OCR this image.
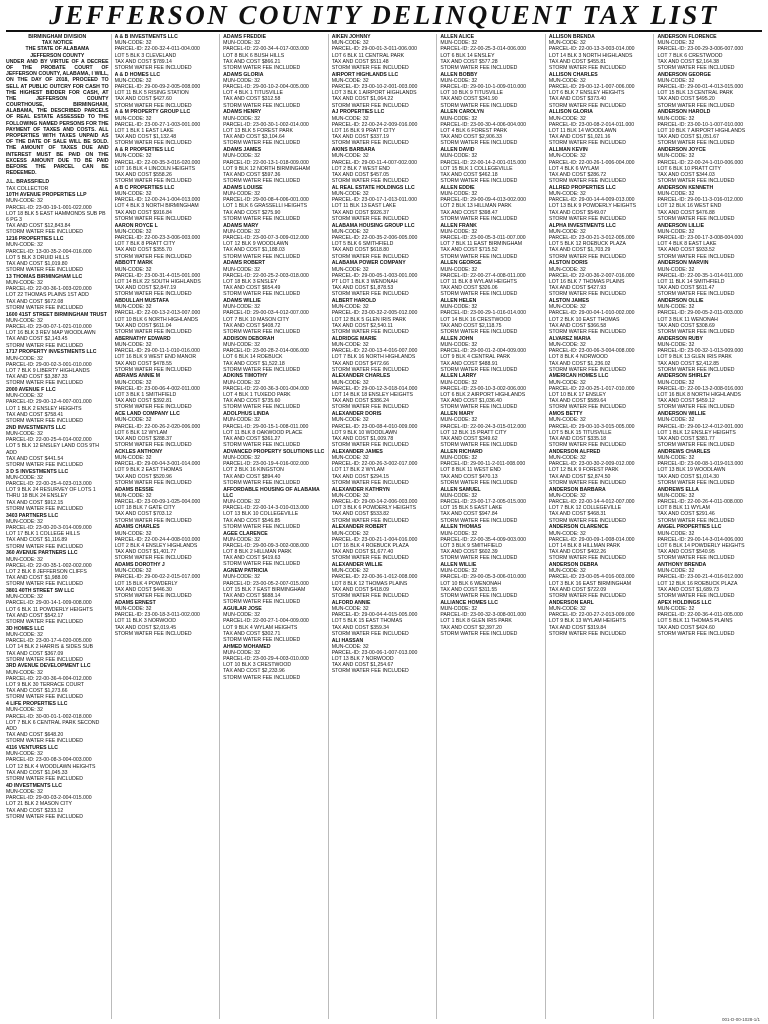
JEFFERSON COUNTY DELINQUENT TAX LIST
BIRMINGHAM DIVISION
TAX NOTICE
THE STATE OF ALABAMA
JEFFERSON COUNTY
UNDER AND BY VIRTUE OF A DECREE OF THE PROBATE COURT OF JEFFERSON COUNTY, ALABAMA, I WILL, ON THE DAY OF 2018, PROCEED TO SELL AT PUBLIC OUTCRY FOR CASH TO THE HIGHEST BIDDER FOR CASH, AT THE JEFFERSON COUNTY COURTHOUSE, BIRMINGHAM, ALABAMA, THE DESCRIBED PARCELS OF REAL ESTATE ASSESSED TO THE FOLLOWING NAMED PERSONS FOR THE PAYMENT OF TAXES AND COSTS. ALL PROPERTIES WITH TAXES UNPAID AS OF THE DATE OF SALE WILL BE SOLD. THE AMOUNT OF TAXES DUE AND INTEREST MUST BE PAID ON THE EXCESS AMOUNT DUE TO BE PAID BEFORE THE PARCEL CAN BE REDEEMED.
J.L. BRASSFIELD
TAX COLLECTOR
10TH AVENUE PROPERTIES LLP
MUN-CODE: 32
PARCEL-ID: 23-00-19-1-001-022.000
LOT 18 BLK 5 EAST HAMMONDS SUB PB 6 PG 3
TAX AND COST $12,843.84
STORM WATER FEE INCLUDED
1216 PROPERTIES LLC
MUN-CODE: 32
PARCEL-ID: 13-00-35-2-004-016.000
LOT 5 BLK 3 DRUID HILLS
TAX AND COST $1,019.80
STORM WATER FEE INCLUDED
13 THOMAS BIRMINGHAM LLC
MUN-CODE: 32
PARCEL-ID: 22-00-36-1-003-020.000
LOT 22 THOMAS PLAINS 1ST ADD
TAX AND COST $672.08
STORM WATER FEE INCLUDED
1600 41ST STREET BIRMINGHAM TRUST
MUN-CODE: 32
PARCEL-ID: 23-00-07-1-021-010.000
LOT 16 BLK 3 REV MAP WOODLAWN
TAX AND COST $2,143.45
STORM WATER FEE INCLUDED
1717 PROPERTY INVESTMENTS LLC
MUN-CODE: 32
PARCEL-ID: 29-00-02-3-001-010.000
LOT 7 BLK 9 LIBERTY HIGHLANDS
TAX AND COST $3,387.33
STORM WATER FEE INCLUDED
2000 AVENUE F LLC
MUN-CODE: 32
PARCEL-ID: 29-00-12-4-007-001.000
LOT 1 BLK 2 ENSLEY HEIGHTS
TAX AND COST $758.41
STORM WATER FEE INCLUDED
2ND INVESTMENTS LLC
MUN-CODE: 32
PARCEL-ID: 22-00-25-4-014-002.000
LOT 5 BLK 12 ENSLEY LAND COS 9TH ADD
TAX AND COST $441.54
STORM WATER FEE INCLUDED
3 D S INVESTMENTS LLC
MUN-CODE: 32
PARCEL-ID: 22-00-25-4-023-013.000
LOT 9 BLK 24 RESURVEY OF LOTS 1 THRU 18 BLK 24 ENSLEY
TAX AND COST $912.15
STORM WATER FEE INCLUDED
3403 PARTNERS LLC
MUN-CODE: 32
PARCEL-ID: 23-00-20-3-014-009.000
LOT 17 BLK 1 COLLEGE HILLS
TAX AND COST $1,116.89
STORM WATER FEE INCLUDED
360 AVENUE PARTNERS LLC
MUN-CODE: 32
PARCEL-ID: 22-00-35-1-002-002.000
LOT 2 BLK 8 JEFFERSON CLIFFS
TAX AND COST $1,988.00
STORM WATER FEE INCLUDED
3801 40TH STREET SW LLC
MUN-CODE: 32
PARCEL-ID: 29-00-14-1-009-008.000
LOT 6 BLK 11 POWDERLY HEIGHTS
TAX AND COST $542.17
STORM WATER FEE INCLUDED
3D HOMES LLC
MUN-CODE: 32
PARCEL-ID: 23-00-17-4-020-005.000
LOT 14 BLK 2 HARRIS & SIDES SUB
TAX AND COST $367.09
STORM WATER FEE INCLUDED
3RD AVENUE DEVELOPMENT LLC
MUN-CODE: 32
PARCEL-ID: 22-00-36-4-004-012.000
LOT 9 BLK 30 TERRACE COURT
TAX AND COST $1,273.66
STORM WATER FEE INCLUDED
4 LIFE PROPERTIES LLC
MUN-CODE: 32
PARCEL-ID: 30-00-01-1-002-018.000
LOT 7 BLK 6 CENTRAL PARK SECOND ADD
TAX AND COST $648.20
STORM WATER FEE INCLUDED
4116 VENTURES LLC
MUN-CODE: 32
PARCEL-ID: 23-00-08-3-004-003.000
LOT 12 BLK 4 WOODLAWN HEIGHTS
TAX AND COST $1,045.33
STORM WATER FEE INCLUDED
4D INVESTMENTS LLC
MUN-CODE: 32
PARCEL-ID: 29-00-03-2-004-015.000
LOT 21 BLK 2 MASON CITY
TAX AND COST $233.12
STORM WATER FEE INCLUDED
A & B INVESTMENTS LLC
MUN-CODE: 32
PARCEL-ID: 22-00-32-4-011-004.000
LOT 5 BLK 3 CLEVELAND
TAX AND COST $789.14
STORM WATER FEE INCLUDED
A & D HOMES LLC
MUN-CODE: 32
PARCEL-ID: 29-00-09-2-005-008.000
LOT 11 BLK 5 RISING STATION
TAX AND COST $427.60
STORM WATER FEE INCLUDED
A & M PROPERTY GROUP LLC
MUN-CODE: 32
PARCEL-ID: 23-00-27-1-003-001.000
LOT 1 BLK 1 EAST LAKE
TAX AND COST $1,132.48
STORM WATER FEE INCLUDED
A & R PROPERTIES LLC
MUN-CODE: 32
PARCEL-ID: 22-00-35-3-016-020.000
LOT 16 BLK 4 LINCOLN HEIGHTS
TAX AND COST $558.26
STORM WATER FEE INCLUDED
A B C PROPERTIES LLC
MUN-CODE: 32
PARCEL-ID: 12-00-24-1-004-013.000
LOT 4 BLK 3 NORTH BIRMINGHAM
TAX AND COST $916.84
STORM WATER FEE INCLUDED
AARON ROYCE L
MUN-CODE: 32
PARCEL-ID: 22-00-23-3-006-003.000
LOT 7 BLK 8 PRATT CITY
TAX AND COST $355.70
STORM WATER FEE INCLUDED
ABBOTT MARK
MUN-CODE: 32
PARCEL-ID: 23-00-31-4-015-001.000
LOT 14 BLK 22 SOUTH HIGHLANDS
TAX AND COST $2,847.19
STORM WATER FEE INCLUDED
ABDULLAH MUSTAFA
MUN-CODE: 32
PARCEL-ID: 22-00-13-2-013-007.000
LOT 10 BLK 6 NORTH HIGHLANDS
TAX AND COST $611.04
STORM WATER FEE INCLUDED
ABERNATHY EDWARD
MUN-CODE: 32
PARCEL-ID: 29-00-11-1-010-016.000
LOT 16 BLK 9 WEST END MANOR
TAX AND COST $478.55
STORM WATER FEE INCLUDED
ABRAMS ANNIE M
MUN-CODE: 32
PARCEL-ID: 23-00-06-4-002-011.000
LOT 3 BLK 1 SMITHFIELD
TAX AND COST $392.81
STORM WATER FEE INCLUDED
ACE LAND COMPANY LLC
MUN-CODE: 32
PARCEL-ID: 22-00-26-2-020-006.000
LOT 6 BLK 12 WYLAM
TAX AND COST $288.37
STORM WATER FEE INCLUDED
ACKLES ANTHONY
MUN-CODE: 32
PARCEL-ID: 29-00-04-3-001-014.000
LOT 9 BLK 2 EAST THOMAS
TAX AND COST $520.96
STORM WATER FEE INCLUDED
ADAMS BESSIE
MUN-CODE: 32
PARCEL-ID: 23-00-09-1-025-004.000
LOT 18 BLK 7 GATE CITY
TAX AND COST $703.12
STORM WATER FEE INCLUDED
ADAMS CHARLES
MUN-CODE: 32
PARCEL-ID: 22-00-24-4-008-010.000
LOT 2 BLK 4 ENSLEY HIGHLANDS
TAX AND COST $1,401.77
STORM WATER FEE INCLUDED
ADAMS DOROTHY J
MUN-CODE: 32
PARCEL-ID: 29-00-02-2-015-017.000
LOT 15 BLK 4 POWDERLY
TAX AND COST $446.30
STORM WATER FEE INCLUDED
ADAMS ERNEST
MUN-CODE: 32
PARCEL-ID: 23-00-18-3-011-002.000
LOT 11 BLK 3 NORWOOD
TAX AND COST $2,019.45
STORM WATER FEE INCLUDED
ADAMS FREDDIE
MUN-CODE: 32
PARCEL-ID: 22-00-34-4-017-003.000
LOT 8 BLK 6 BUSH HILLS
TAX AND COST $866.21
STORM WATER FEE INCLUDED
ADAMS GLORIA
MUN-CODE: 32
PARCEL-ID: 29-00-10-2-004-005.000
LOT 4 BLK 1 TITUSVILLE
TAX AND COST $312.58
STORM WATER FEE INCLUDED
ADAMS HENRY
MUN-CODE: 32
PARCEL-ID: 23-00-30-1-002-014.000
LOT 13 BLK 5 FOREST PARK
TAX AND COST $3,104.64
STORM WATER FEE INCLUDED
ADAMS JAMES
MUN-CODE: 32
PARCEL-ID: 22-00-13-1-018-009.000
LOT 9 BLK 12 NORTH BIRMINGHAM
TAX AND COST $597.36
STORM WATER FEE INCLUDED
ADAMS LOUISE
MUN-CODE: 32
PARCEL-ID: 29-00-08-4-006-001.000
LOT 1 BLK 6 GRASSELLI HEIGHTS
TAX AND COST $275.90
STORM WATER FEE INCLUDED
ADAMS MARY
MUN-CODE: 32
PARCEL-ID: 23-00-07-3-009-012.000
LOT 12 BLK 9 WOODLAWN
TAX AND COST $1,188.03
STORM WATER FEE INCLUDED
ADAMS ROBERT
MUN-CODE: 32
PARCEL-ID: 22-00-25-2-003-018.000
LOT 18 BLK 3 ENSLEY
TAX AND COST $654.49
STORM WATER FEE INCLUDED
ADAMS WILLIE
MUN-CODE: 32
PARCEL-ID: 29-00-03-4-012-007.000
LOT 7 BLK 10 MASON CITY
TAX AND COST $408.72
STORM WATER FEE INCLUDED
ADDISON DEBORAH
MUN-CODE: 32
PARCEL-ID: 23-00-28-2-014-006.000
LOT 6 BLK 14 ROEBUCK
TAX AND COST $1,522.18
STORM WATER FEE INCLUDED
ADKINS TIMOTHY
MUN-CODE: 32
PARCEL-ID: 22-00-36-3-001-004.000
LOT 4 BLK 1 TUXEDO PARK
TAX AND COST $735.60
STORM WATER FEE INCLUDED
ADOLPHUS LINDA
MUN-CODE: 32
PARCEL-ID: 29-00-15-1-008-011.000
LOT 11 BLK 8 OAKWOOD PLACE
TAX AND COST $361.27
STORM WATER FEE INCLUDED
ADVANCED PROPERTY SOLUTIONS LLC
MUN-CODE: 32
PARCEL-ID: 23-00-19-4-016-002.000
LOT 2 BLK 16 KINGSTON
TAX AND COST $894.40
STORM WATER FEE INCLUDED
AFFORDABLE HOUSING OF ALABAMA LLC
MUN-CODE: 32
PARCEL-ID: 22-00-14-3-010-013.000
LOT 13 BLK 10 COLLEGEVILLE
TAX AND COST $546.85
STORM WATER FEE INCLUDED
AGEE CLARENCE
MUN-CODE: 32
PARCEL-ID: 29-00-09-3-002-008.000
LOT 8 BLK 2 HILLMAN PARK
TAX AND COST $419.63
STORM WATER FEE INCLUDED
AGNEW PATRICIA
MUN-CODE: 32
PARCEL-ID: 23-00-05-2-007-015.000
LOT 15 BLK 7 EAST BIRMINGHAM
TAX AND COST $688.14
STORM WATER FEE INCLUDED
AGUILAR JOSE
MUN-CODE: 32
PARCEL-ID: 22-00-27-1-004-009.000
LOT 9 BLK 4 WYLAM HEIGHTS
TAX AND COST $302.71
STORM WATER FEE INCLUDED
AHMED MOHAMED
MUN-CODE: 32
PARCEL-ID: 23-00-29-4-003-010.000
LOT 10 BLK 3 CRESTWOOD
TAX AND COST $2,233.96
STORM WATER FEE INCLUDED
AIKEN JOHNNY
MUN-CODE: 32
PARCEL-ID: 29-00-01-3-011-006.000
LOT 6 BLK 11 CENTRAL PARK
TAX AND COST $511.48
STORM WATER FEE INCLUDED
AIRPORT HIGHLANDS LLC
MUN-CODE: 32
PARCEL-ID: 23-00-10-2-001-003.000
LOT 3 BLK 1 AIRPORT HIGHLANDS
TAX AND COST $1,064.22
STORM WATER FEE INCLUDED
AJ PROPERTIES LLC
MUN-CODE: 32
PARCEL-ID: 22-00-24-2-009-016.000
LOT 16 BLK 9 PRATT CITY
TAX AND COST $337.19
STORM WATER FEE INCLUDED
AKINS BARBARA
MUN-CODE: 32
PARCEL-ID: 29-00-11-4-007-002.000
LOT 2 BLK 7 WEST END
TAX AND COST $457.05
STORM WATER FEE INCLUDED
AL REAL ESTATE HOLDINGS LLC
MUN-CODE: 32
PARCEL-ID: 23-00-17-1-013-011.000
LOT 11 BLK 13 EAST LAKE
TAX AND COST $926.37
STORM WATER FEE INCLUDED
ALABAMA HOUSING GROUP LLC
MUN-CODE: 32
PARCEL-ID: 22-00-35-2-006-005.000
LOT 5 BLK 6 SMITHFIELD
TAX AND COST $618.80
STORM WATER FEE INCLUDED
ALABAMA POWER COMPANY
MUN-CODE: 32
PARCEL-ID: 29-00-05-1-003-001.000
PT LOT 1 BLK 3 WENONAH
TAX AND COST $1,878.53
STORM WATER FEE INCLUDED
ALBERT HAROLD
MUN-CODE: 32
PARCEL-ID: 23-00-32-2-005-012.000
LOT 12 BLK 5 GLEN IRIS PARK
TAX AND COST $2,540.11
STORM WATER FEE INCLUDED
ALDRIDGE MARIE
MUN-CODE: 32
PARCEL-ID: 22-00-13-4-016-007.000
LOT 7 BLK 16 NORTH HIGHLANDS
TAX AND COST $472.66
STORM WATER FEE INCLUDED
ALEXANDER CHARLES
MUN-CODE: 32
PARCEL-ID: 29-00-12-3-018-014.000
LOT 14 BLK 18 ENSLEY HEIGHTS
TAX AND COST $386.24
STORM WATER FEE INCLUDED
ALEXANDER DORIS
MUN-CODE: 32
PARCEL-ID: 23-00-08-4-010-009.000
LOT 9 BLK 10 WOODLAWN
TAX AND COST $1,009.78
STORM WATER FEE INCLUDED
ALEXANDER JAMES
MUN-CODE: 32
PARCEL-ID: 22-00-26-3-002-017.000
LOT 17 BLK 2 WYLAM
TAX AND COST $294.15
STORM WATER FEE INCLUDED
ALEXANDER KATHRYN
MUN-CODE: 32
PARCEL-ID: 29-00-14-2-006-003.000
LOT 3 BLK 6 POWDERLY HEIGHTS
TAX AND COST $533.82
STORM WATER FEE INCLUDED
ALEXANDER ROBERT
MUN-CODE: 32
PARCEL-ID: 23-00-21-1-004-016.000
LOT 16 BLK 4 ROEBUCK PLAZA
TAX AND COST $1,677.40
STORM WATER FEE INCLUDED
ALEXANDER WILLIE
MUN-CODE: 32
PARCEL-ID: 22-00-36-1-012-008.000
LOT 8 BLK 12 THOMAS PLAINS
TAX AND COST $418.09
STORM WATER FEE INCLUDED
ALFORD ANNIE
MUN-CODE: 32
PARCEL-ID: 29-00-04-4-015-005.000
LOT 5 BLK 15 EAST THOMAS
TAX AND COST $359.34
STORM WATER FEE INCLUDED
ALI HASSAN
MUN-CODE: 32
PARCEL-ID: 23-00-06-1-007-013.000
LOT 13 BLK 7 NORWOOD
TAX AND COST $1,254.67
STORM WATER FEE INCLUDED
ALLEN ALICE
MUN-CODE: 32
PARCEL-ID: 22-00-25-3-014-006.000
LOT 6 BLK 14 ENSLEY
TAX AND COST $577.28
STORM WATER FEE INCLUDED
ALLEN BOBBY
MUN-CODE: 32
PARCEL-ID: 29-00-10-1-009-010.000
LOT 10 BLK 9 TITUSVILLE
TAX AND COST $341.90
STORM WATER FEE INCLUDED
ALLEN CAROLYN
MUN-CODE: 32
PARCEL-ID: 23-00-30-4-006-004.000
LOT 4 BLK 6 FOREST PARK
TAX AND COST $2,906.33
STORM WATER FEE INCLUDED
ALLEN DAVID
MUN-CODE: 32
PARCEL-ID: 22-00-14-2-001-015.000
LOT 15 BLK 1 COLLEGEVILLE
TAX AND COST $462.18
STORM WATER FEE INCLUDED
ALLEN EDDIE
MUN-CODE: 32
PARCEL-ID: 29-00-09-4-013-002.000
LOT 2 BLK 13 HILLMAN PARK
TAX AND COST $398.47
STORM WATER FEE INCLUDED
ALLEN FRANK
MUN-CODE: 32
PARCEL-ID: 23-00-05-3-011-007.000
LOT 7 BLK 11 EAST BIRMINGHAM
TAX AND COST $715.52
STORM WATER FEE INCLUDED
ALLEN GEORGE
MUN-CODE: 32
PARCEL-ID: 22-00-27-4-008-011.000
LOT 11 BLK 8 WYLAM HEIGHTS
TAX AND COST $326.06
STORM WATER FEE INCLUDED
ALLEN HELEN
MUN-CODE: 32
PARCEL-ID: 23-00-29-1-016-014.000
LOT 14 BLK 16 CRESTWOOD
TAX AND COST $2,118.75
STORM WATER FEE INCLUDED
ALLEN JOHN
MUN-CODE: 32
PARCEL-ID: 29-00-01-2-004-009.000
LOT 9 BLK 4 CENTRAL PARK
TAX AND COST $488.91
STORM WATER FEE INCLUDED
ALLEN LARRY
MUN-CODE: 32
PARCEL-ID: 23-00-10-3-002-006.000
LOT 6 BLK 2 AIRPORT HIGHLANDS
TAX AND COST $1,036.40
STORM WATER FEE INCLUDED
ALLEN MARY
MUN-CODE: 32
PARCEL-ID: 22-00-24-3-015-012.000
LOT 12 BLK 15 PRATT CITY
TAX AND COST $349.62
STORM WATER FEE INCLUDED
ALLEN RICHARD
MUN-CODE: 32
PARCEL-ID: 29-00-11-2-011-008.000
LOT 8 BLK 11 WEST END
TAX AND COST $470.13
STORM WATER FEE INCLUDED
ALLEN SAMUEL
MUN-CODE: 32
PARCEL-ID: 23-00-17-2-005-015.000
LOT 15 BLK 5 EAST LAKE
TAX AND COST $947.84
STORM WATER FEE INCLUDED
ALLEN THOMAS
MUN-CODE: 32
PARCEL-ID: 22-00-35-4-009-003.000
LOT 3 BLK 9 SMITHFIELD
TAX AND COST $602.39
STORM WATER FEE INCLUDED
ALLEN WILLIE
MUN-CODE: 32
PARCEL-ID: 29-00-05-3-006-010.000
LOT 10 BLK 6 WENONAH
TAX AND COST $311.55
STORM WATER FEE INCLUDED
ALLIANCE HOMES LLC
MUN-CODE: 32
PARCEL-ID: 23-00-32-3-008-001.000
LOT 1 BLK 8 GLEN IRIS PARK
TAX AND COST $2,397.20
STORM WATER FEE INCLUDED
ALLISON BRENDA
MUN-CODE: 32
PARCEL-ID: 22-00-13-3-003-014.000
LOT 14 BLK 3 NORTH HIGHLANDS
TAX AND COST $455.81
STORM WATER FEE INCLUDED
ALLISON CHARLES
MUN-CODE: 32
PARCEL-ID: 29-00-12-1-007-006.000
LOT 6 BLK 7 ENSLEY HEIGHTS
TAX AND COST $373.40
STORM WATER FEE INCLUDED
ALLISON GLORIA
MUN-CODE: 32
PARCEL-ID: 23-00-08-2-014-011.000
LOT 11 BLK 14 WOODLAWN
TAX AND COST $1,021.16
STORM WATER FEE INCLUDED
ALLMAN KEVIN
MUN-CODE: 32
PARCEL-ID: 22-00-26-1-006-004.000
LOT 4 BLK 6 WYLAM
TAX AND COST $286.72
STORM WATER FEE INCLUDED
ALLRED PROPERTIES LLC
MUN-CODE: 32
PARCEL-ID: 29-00-14-4-009-013.000
LOT 13 BLK 9 POWDERLY HEIGHTS
TAX AND COST $549.07
STORM WATER FEE INCLUDED
ALPHA INVESTMENTS LLC
MUN-CODE: 32
PARCEL-ID: 23-00-21-3-012-005.000
LOT 5 BLK 12 ROEBUCK PLAZA
TAX AND COST $1,703.29
STORM WATER FEE INCLUDED
ALSTON DORIS
MUN-CODE: 32
PARCEL-ID: 22-00-36-2-007-016.000
LOT 16 BLK 7 THOMAS PLAINS
TAX AND COST $427.93
STORM WATER FEE INCLUDED
ALSTON JAMES
MUN-CODE: 32
PARCEL-ID: 29-00-04-1-010-002.000
LOT 2 BLK 10 EAST THOMAS
TAX AND COST $366.58
STORM WATER FEE INCLUDED
ALVAREZ MARIA
MUN-CODE: 32
PARCEL-ID: 23-00-06-3-004-008.000
LOT 8 BLK 4 NORWOOD
TAX AND COST $1,236.02
STORM WATER FEE INCLUDED
AMERICAN HOMES LLC
MUN-CODE: 32
PARCEL-ID: 22-00-25-1-017-010.000
LOT 10 BLK 17 ENSLEY
TAX AND COST $589.64
STORM WATER FEE INCLUDED
AMOS BETTY
MUN-CODE: 32
PARCEL-ID: 29-00-10-3-015-005.000
LOT 5 BLK 15 TITUSVILLE
TAX AND COST $335.18
STORM WATER FEE INCLUDED
ANDERSON ALFRED
MUN-CODE: 32
PARCEL-ID: 23-00-30-2-009-012.000
LOT 12 BLK 9 FOREST PARK
TAX AND COST $2,874.50
STORM WATER FEE INCLUDED
ANDERSON BARBARA
MUN-CODE: 32
PARCEL-ID: 22-00-14-4-012-007.000
LOT 7 BLK 12 COLLEGEVILLE
TAX AND COST $468.31
STORM WATER FEE INCLUDED
ANDERSON CLARENCE
MUN-CODE: 32
PARCEL-ID: 29-00-09-1-008-014.000
LOT 14 BLK 8 HILLMAN PARK
TAX AND COST $402.26
STORM WATER FEE INCLUDED
ANDERSON DEBRA
MUN-CODE: 32
PARCEL-ID: 23-00-05-4-016-003.000
LOT 3 BLK 16 EAST BIRMINGHAM
TAX AND COST $722.09
STORM WATER FEE INCLUDED
ANDERSON EARL
MUN-CODE: 32
PARCEL-ID: 22-00-27-2-013-009.000
LOT 9 BLK 13 WYLAM HEIGHTS
TAX AND COST $319.84
STORM WATER FEE INCLUDED
ANDERSON FLORENCE
MUN-CODE: 32
PARCEL-ID: 23-00-29-3-006-007.000
LOT 7 BLK 6 CRESTWOOD
TAX AND COST $2,164.38
STORM WATER FEE INCLUDED
ANDERSON GEORGE
MUN-CODE: 32
PARCEL-ID: 29-00-01-4-013-015.000
LOT 15 BLK 13 CENTRAL PARK
TAX AND COST $495.20
STORM WATER FEE INCLUDED
ANDERSON HAROLD
MUN-CODE: 32
PARCEL-ID: 23-00-10-1-007-010.000
LOT 10 BLK 7 AIRPORT HIGHLANDS
TAX AND COST $1,051.67
STORM WATER FEE INCLUDED
ANDERSON JOYCE
MUN-CODE: 32
PARCEL-ID: 22-00-24-1-010-006.000
LOT 6 BLK 10 PRATT CITY
TAX AND COST $344.03
STORM WATER FEE INCLUDED
ANDERSON KENNETH
MUN-CODE: 32
PARCEL-ID: 29-00-11-3-016-012.000
LOT 12 BLK 16 WEST END
TAX AND COST $476.88
STORM WATER FEE INCLUDED
ANDERSON LILLIE
MUN-CODE: 32
PARCEL-ID: 23-00-17-3-008-004.000
LOT 4 BLK 8 EAST LAKE
TAX AND COST $933.52
STORM WATER FEE INCLUDED
ANDERSON MARVIN
MUN-CODE: 32
PARCEL-ID: 22-00-35-1-014-011.000
LOT 11 BLK 14 SMITHFIELD
TAX AND COST $611.47
STORM WATER FEE INCLUDED
ANDERSON OLLIE
MUN-CODE: 32
PARCEL-ID: 29-00-05-2-011-003.000
LOT 3 BLK 11 WENONAH
TAX AND COST $308.69
STORM WATER FEE INCLUDED
ANDERSON RUBY
MUN-CODE: 32
PARCEL-ID: 23-00-32-1-013-009.000
LOT 9 BLK 13 GLEN IRIS PARK
TAX AND COST $2,412.85
STORM WATER FEE INCLUDED
ANDERSON SHIRLEY
MUN-CODE: 32
PARCEL-ID: 22-00-13-2-008-016.000
LOT 16 BLK 8 NORTH HIGHLANDS
TAX AND COST $459.12
STORM WATER FEE INCLUDED
ANDERSON WILLIE
MUN-CODE: 32
PARCEL-ID: 29-00-12-4-012-001.000
LOT 1 BLK 12 ENSLEY HEIGHTS
TAX AND COST $381.77
STORM WATER FEE INCLUDED
ANDREWS CHARLES
MUN-CODE: 32
PARCEL-ID: 23-00-08-1-019-013.000
LOT 13 BLK 19 WOODLAWN
TAX AND COST $1,014.30
STORM WATER FEE INCLUDED
ANDREWS ELLA
MUN-CODE: 32
PARCEL-ID: 22-00-26-4-011-008.000
LOT 8 BLK 11 WYLAM
TAX AND COST $291.46
STORM WATER FEE INCLUDED
ANGEL PROPERTIES LLC
MUN-CODE: 32
PARCEL-ID: 29-00-14-3-014-006.000
LOT 6 BLK 14 POWDERLY HEIGHTS
TAX AND COST $540.95
STORM WATER FEE INCLUDED
ANTHONY BRENDA
MUN-CODE: 32
PARCEL-ID: 23-00-21-4-016-012.000
LOT 12 BLK 16 ROEBUCK PLAZA
TAX AND COST $1,689.73
STORM WATER FEE INCLUDED
APEX HOLDINGS LLC
MUN-CODE: 32
PARCEL-ID: 22-00-36-4-011-005.000
LOT 5 BLK 11 THOMAS PLAINS
TAX AND COST $424.60
STORM WATER FEE INCLUDED
001-D-00-1028-1/1
